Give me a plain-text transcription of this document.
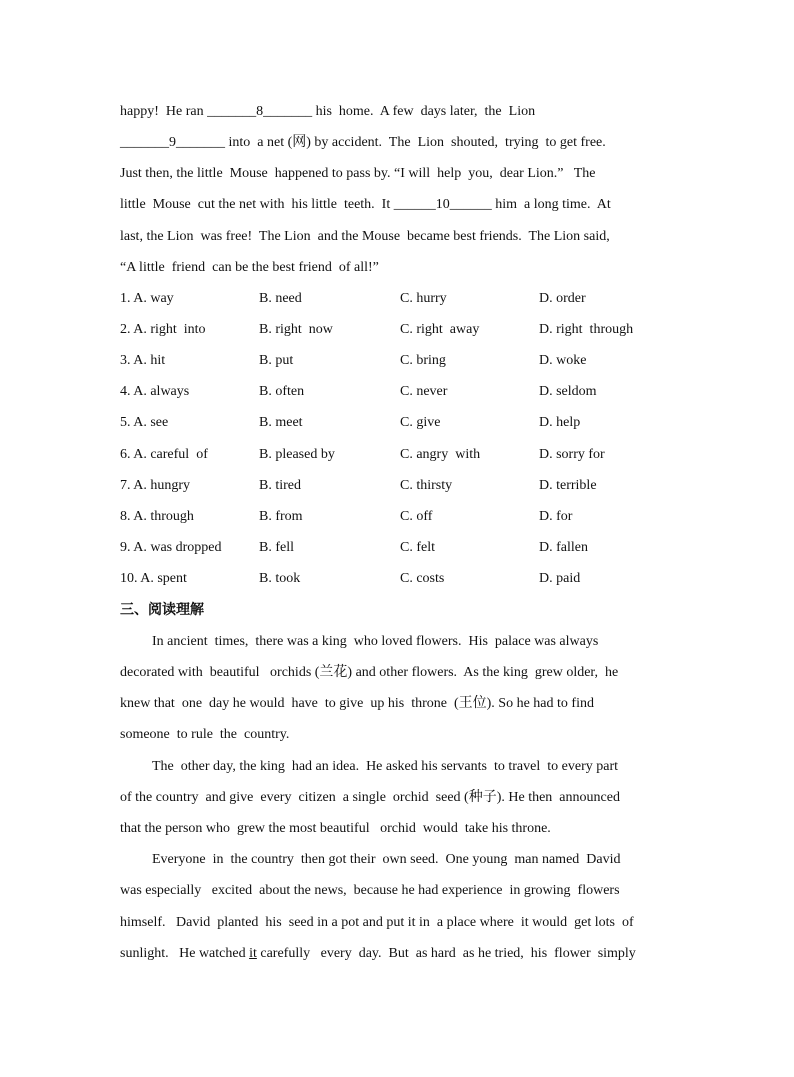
happy!  He ran _______8_______ his  home.  A few  days later,  the  Lion
_______9_______ into  a net (网) by accident.  The  Lion  shouted,  trying  to get free.
Just then, the little  Mouse  happened to pass by. “I will  help  you,  dear Lion.”   The
little  Mouse  cut the net with  his little  teeth.  It ______10______ him  a long time.  At
last, the Lion  was free!  The Lion  and the Mouse  became best friends.  The Lion said,
“A little  friend  can be the best friend  of all!”
1. A. way	B. need	C. hurry	D. order
2. A. right  into	B. right  now	C. right  away	D. right  through
3. A. hit	B. put	C. bring	D. woke
4. A. always	B. often	C. never	D. seldom
5. A. see	B. meet	C. give	D. help
6. A. careful  of	B. pleased by	C. angry  with	D. sorry for
7. A. hungry	B. tired	C. thirsty	D. terrible
8. A. through	B. from	C. off	D. for
9. A. was dropped	B. fell	C. felt	D. fallen
10. A. spent	B. took	C. costs	D. paid
三、阅读理解
In ancient  times,  there was a king  who loved flowers.  His  palace was always
decorated with  beautiful   orchids (兰花) and other flowers.  As the king  grew older,  he
knew that  one  day he would  have  to give  up his  throne  (王位). So he had to find
someone  to rule  the  country.
The  other day, the king  had an idea.  He asked his servants  to travel  to every part
of the country  and give  every  citizen  a single  orchid  seed (种子). He then  announced
that the person who  grew the most beautiful   orchid  would  take his throne.
Everyone  in  the country  then got their  own seed.  One young  man named  David
was especially   excited  about the news,  because he had experience  in growing  flowers
himself.   David  planted  his  seed in a pot and put it in  a place where  it would  get lots  of
sunlight.   He watched it carefully   every  day.  But  as hard  as he tried,  his  flower  simply
